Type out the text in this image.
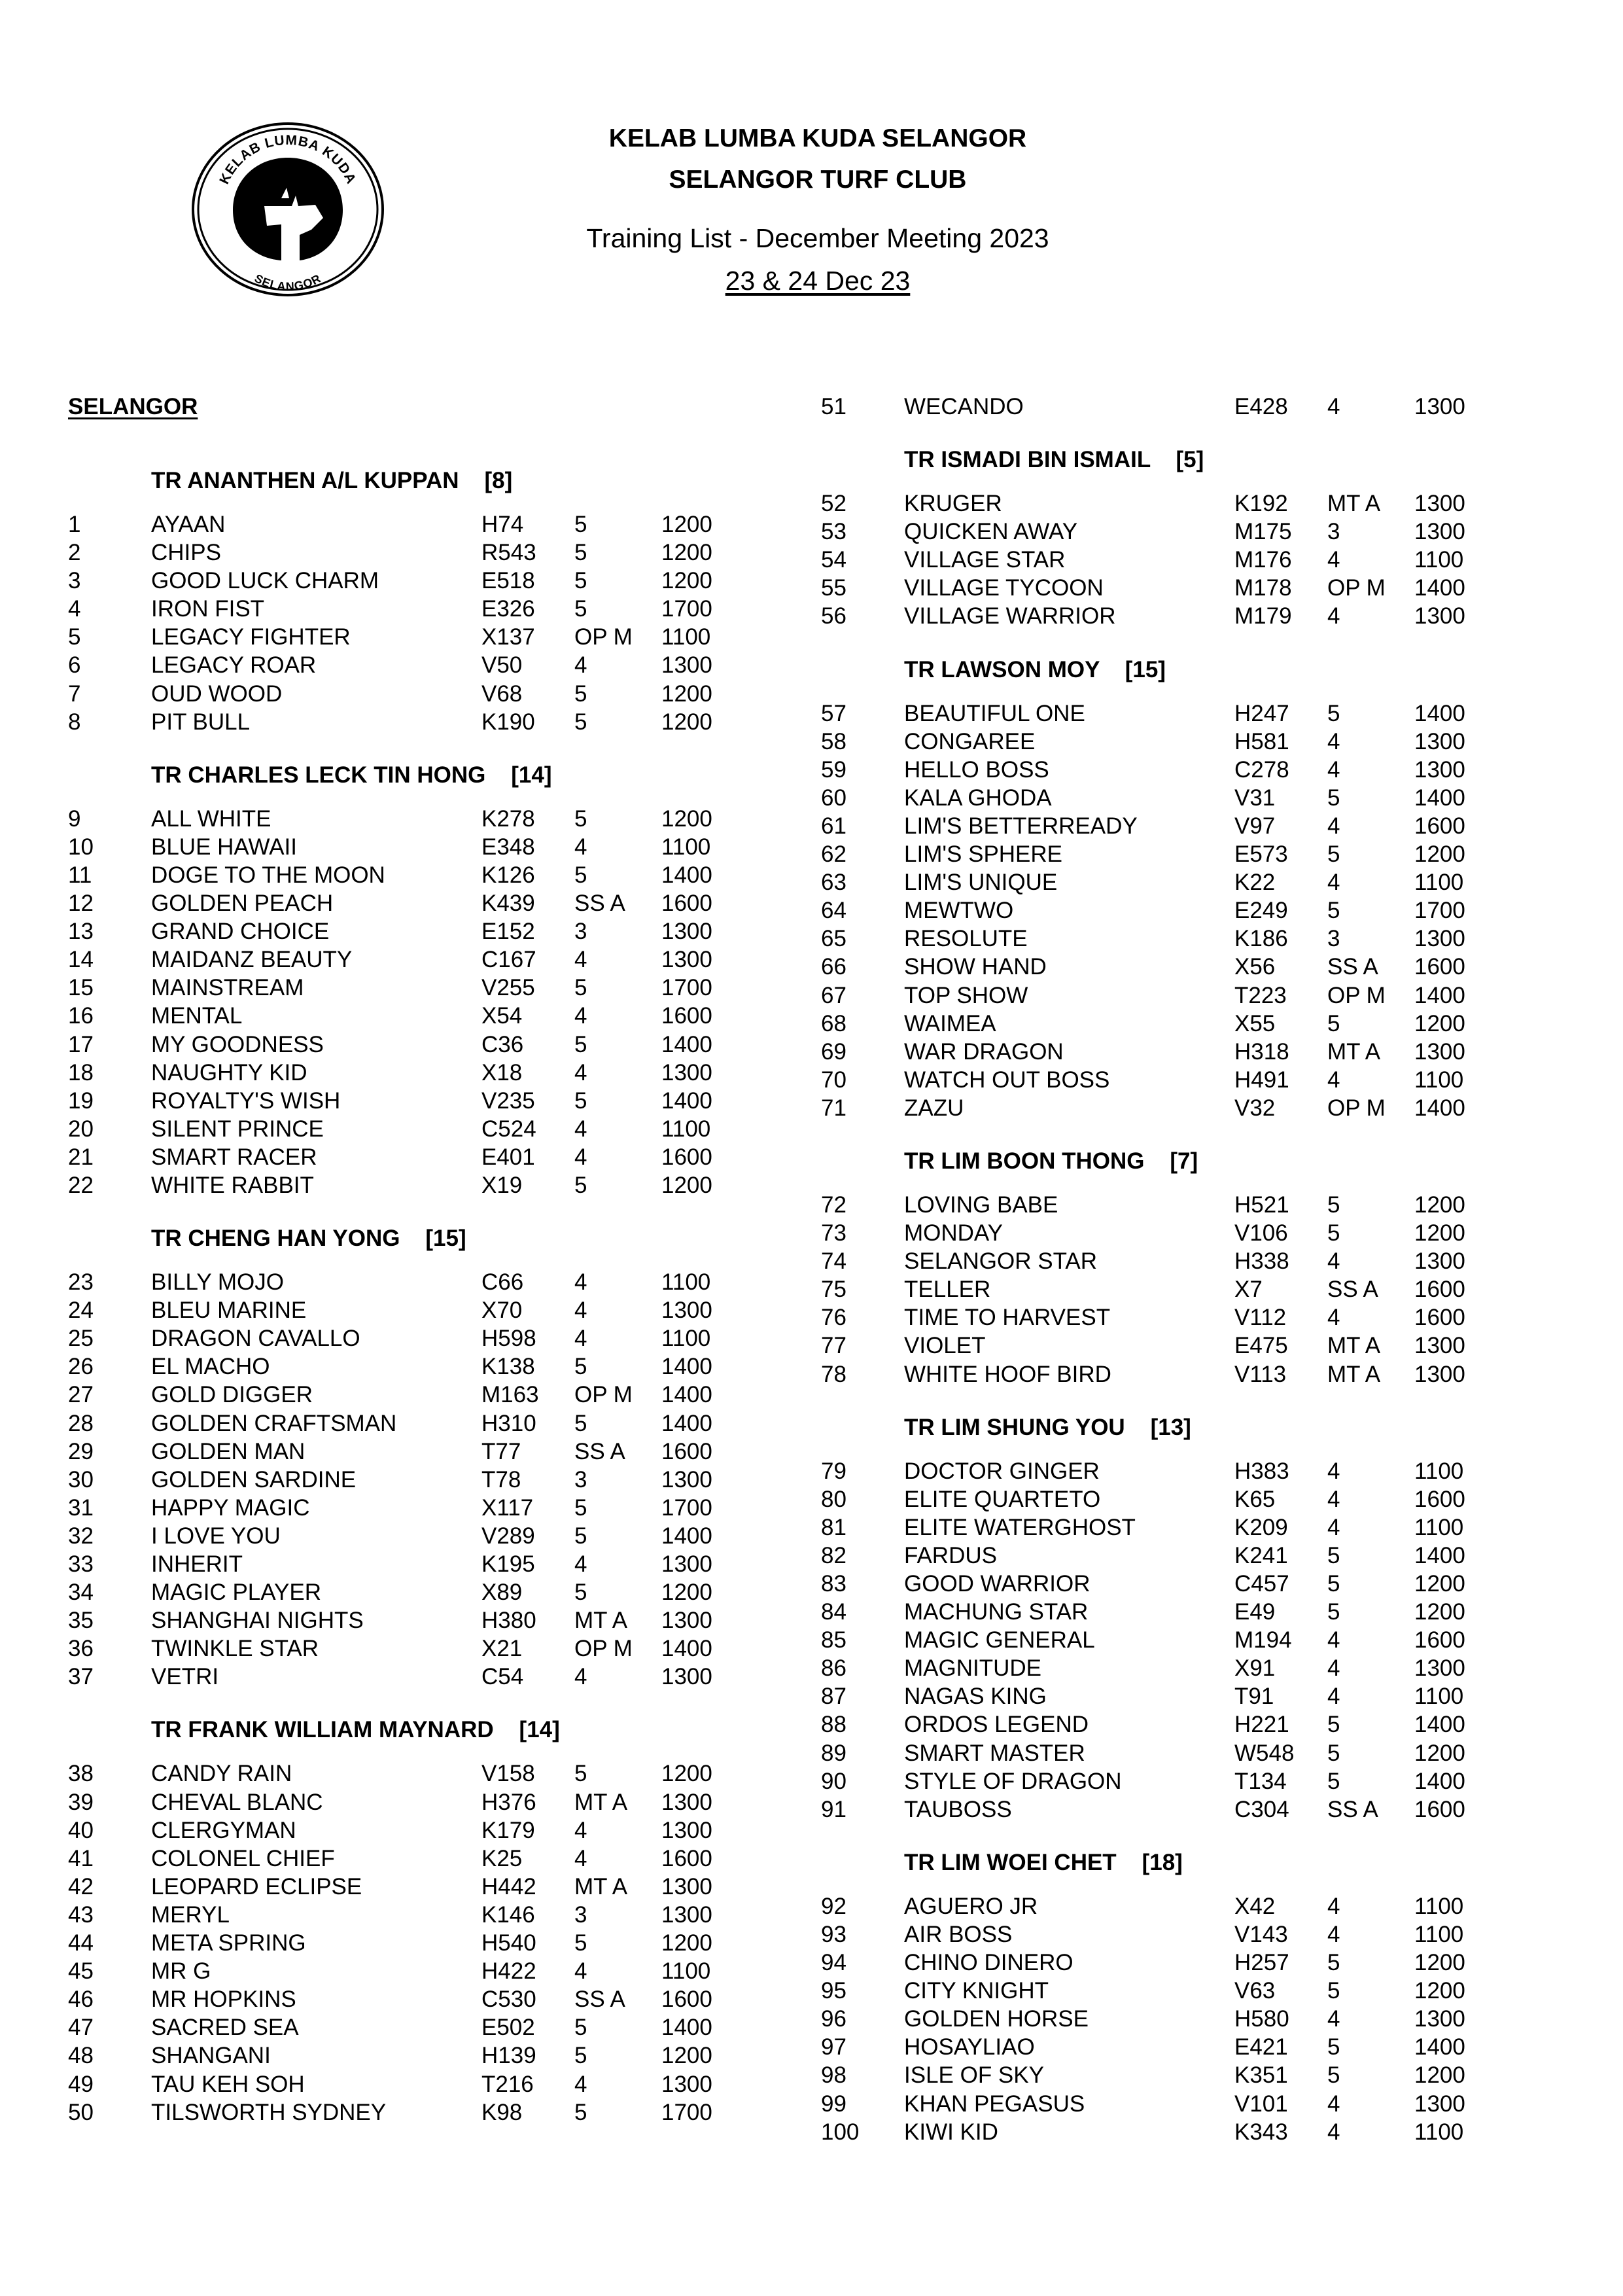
KELAB LUMBA KUDA
SELANGOR
KELAB LUMBA KUDA SELANGOR
SELANGOR TURF CLUB
Training List - December Meeting 2023
23 & 24 Dec 23
SELANGOR
TR ANANTHEN A/L KUPPAN    [8]
1	AYAAN	H74	5	1200
2	CHIPS	R543	5	1200
3	GOOD LUCK CHARM	E518	5	1200
4	IRON FIST	E326	5	1700
5	LEGACY FIGHTER	X137	OP M	1100
6	LEGACY ROAR	V50	4	1300
7	OUD WOOD	V68	5	1200
8	PIT BULL	K190	5	1200
TR CHARLES LECK TIN HONG    [14]
9	ALL WHITE	K278	5	1200
10	BLUE HAWAII	E348	4	1100
11	DOGE TO THE MOON	K126	5	1400
12	GOLDEN PEACH	K439	SS A	1600
13	GRAND CHOICE	E152	3	1300
14	MAIDANZ BEAUTY	C167	4	1300
15	MAINSTREAM	V255	5	1700
16	MENTAL	X54	4	1600
17	MY GOODNESS	C36	5	1400
18	NAUGHTY KID	X18	4	1300
19	ROYALTY'S WISH	V235	5	1400
20	SILENT PRINCE	C524	4	1100
21	SMART RACER	E401	4	1600
22	WHITE RABBIT	X19	5	1200
TR CHENG HAN YONG    [15]
23	BILLY MOJO	C66	4	1100
24	BLEU MARINE	X70	4	1300
25	DRAGON CAVALLO	H598	4	1100
26	EL MACHO	K138	5	1400
27	GOLD DIGGER	M163	OP M	1400
28	GOLDEN CRAFTSMAN	H310	5	1400
29	GOLDEN MAN	T77	SS A	1600
30	GOLDEN SARDINE	T78	3	1300
31	HAPPY MAGIC	X117	5	1700
32	I LOVE YOU	V289	5	1400
33	INHERIT	K195	4	1300
34	MAGIC PLAYER	X89	5	1200
35	SHANGHAI NIGHTS	H380	MT A	1300
36	TWINKLE STAR	X21	OP M	1400
37	VETRI	C54	4	1300
TR FRANK WILLIAM MAYNARD    [14]
38	CANDY RAIN	V158	5	1200
39	CHEVAL BLANC	H376	MT A	1300
40	CLERGYMAN	K179	4	1300
41	COLONEL CHIEF	K25	4	1600
42	LEOPARD ECLIPSE	H442	MT A	1300
43	MERYL	K146	3	1300
44	META SPRING	H540	5	1200
45	MR G	H422	4	1100
46	MR HOPKINS	C530	SS A	1600
47	SACRED SEA	E502	5	1400
48	SHANGANI	H139	5	1200
49	TAU KEH SOH	T216	4	1300
50	TILSWORTH SYDNEY	K98	5	1700
51	WECANDO	E428	4	1300
TR ISMADI BIN ISMAIL    [5]
52	KRUGER	K192	MT A	1300
53	QUICKEN AWAY	M175	3	1300
54	VILLAGE STAR	M176	4	1100
55	VILLAGE TYCOON	M178	OP M	1400
56	VILLAGE WARRIOR	M179	4	1300
TR LAWSON MOY    [15]
57	BEAUTIFUL ONE	H247	5	1400
58	CONGAREE	H581	4	1300
59	HELLO BOSS	C278	4	1300
60	KALA GHODA	V31	5	1400
61	LIM'S BETTERREADY	V97	4	1600
62	LIM'S SPHERE	E573	5	1200
63	LIM'S UNIQUE	K22	4	1100
64	MEWTWO	E249	5	1700
65	RESOLUTE	K186	3	1300
66	SHOW HAND	X56	SS A	1600
67	TOP SHOW	T223	OP M	1400
68	WAIMEA	X55	5	1200
69	WAR DRAGON	H318	MT A	1300
70	WATCH OUT BOSS	H491	4	1100
71	ZAZU	V32	OP M	1400
TR LIM BOON THONG    [7]
72	LOVING BABE	H521	5	1200
73	MONDAY	V106	5	1200
74	SELANGOR STAR	H338	4	1300
75	TELLER	X7	SS A	1600
76	TIME TO HARVEST	V112	4	1600
77	VIOLET	E475	MT A	1300
78	WHITE HOOF BIRD	V113	MT A	1300
TR LIM SHUNG YOU    [13]
79	DOCTOR GINGER	H383	4	1100
80	ELITE QUARTETO	K65	4	1600
81	ELITE WATERGHOST	K209	4	1100
82	FARDUS	K241	5	1400
83	GOOD WARRIOR	C457	5	1200
84	MACHUNG STAR	E49	5	1200
85	MAGIC GENERAL	M194	4	1600
86	MAGNITUDE	X91	4	1300
87	NAGAS KING	T91	4	1100
88	ORDOS LEGEND	H221	5	1400
89	SMART MASTER	W548	5	1200
90	STYLE OF DRAGON	T134	5	1400
91	TAUBOSS	C304	SS A	1600
TR LIM WOEI CHET    [18]
92	AGUERO JR	X42	4	1100
93	AIR BOSS	V143	4	1100
94	CHINO DINERO	H257	5	1200
95	CITY KNIGHT	V63	5	1200
96	GOLDEN HORSE	H580	4	1300
97	HOSAYLIAO	E421	5	1400
98	ISLE OF SKY	K351	5	1200
99	KHAN PEGASUS	V101	4	1300
100	KIWI KID	K343	4	1100
